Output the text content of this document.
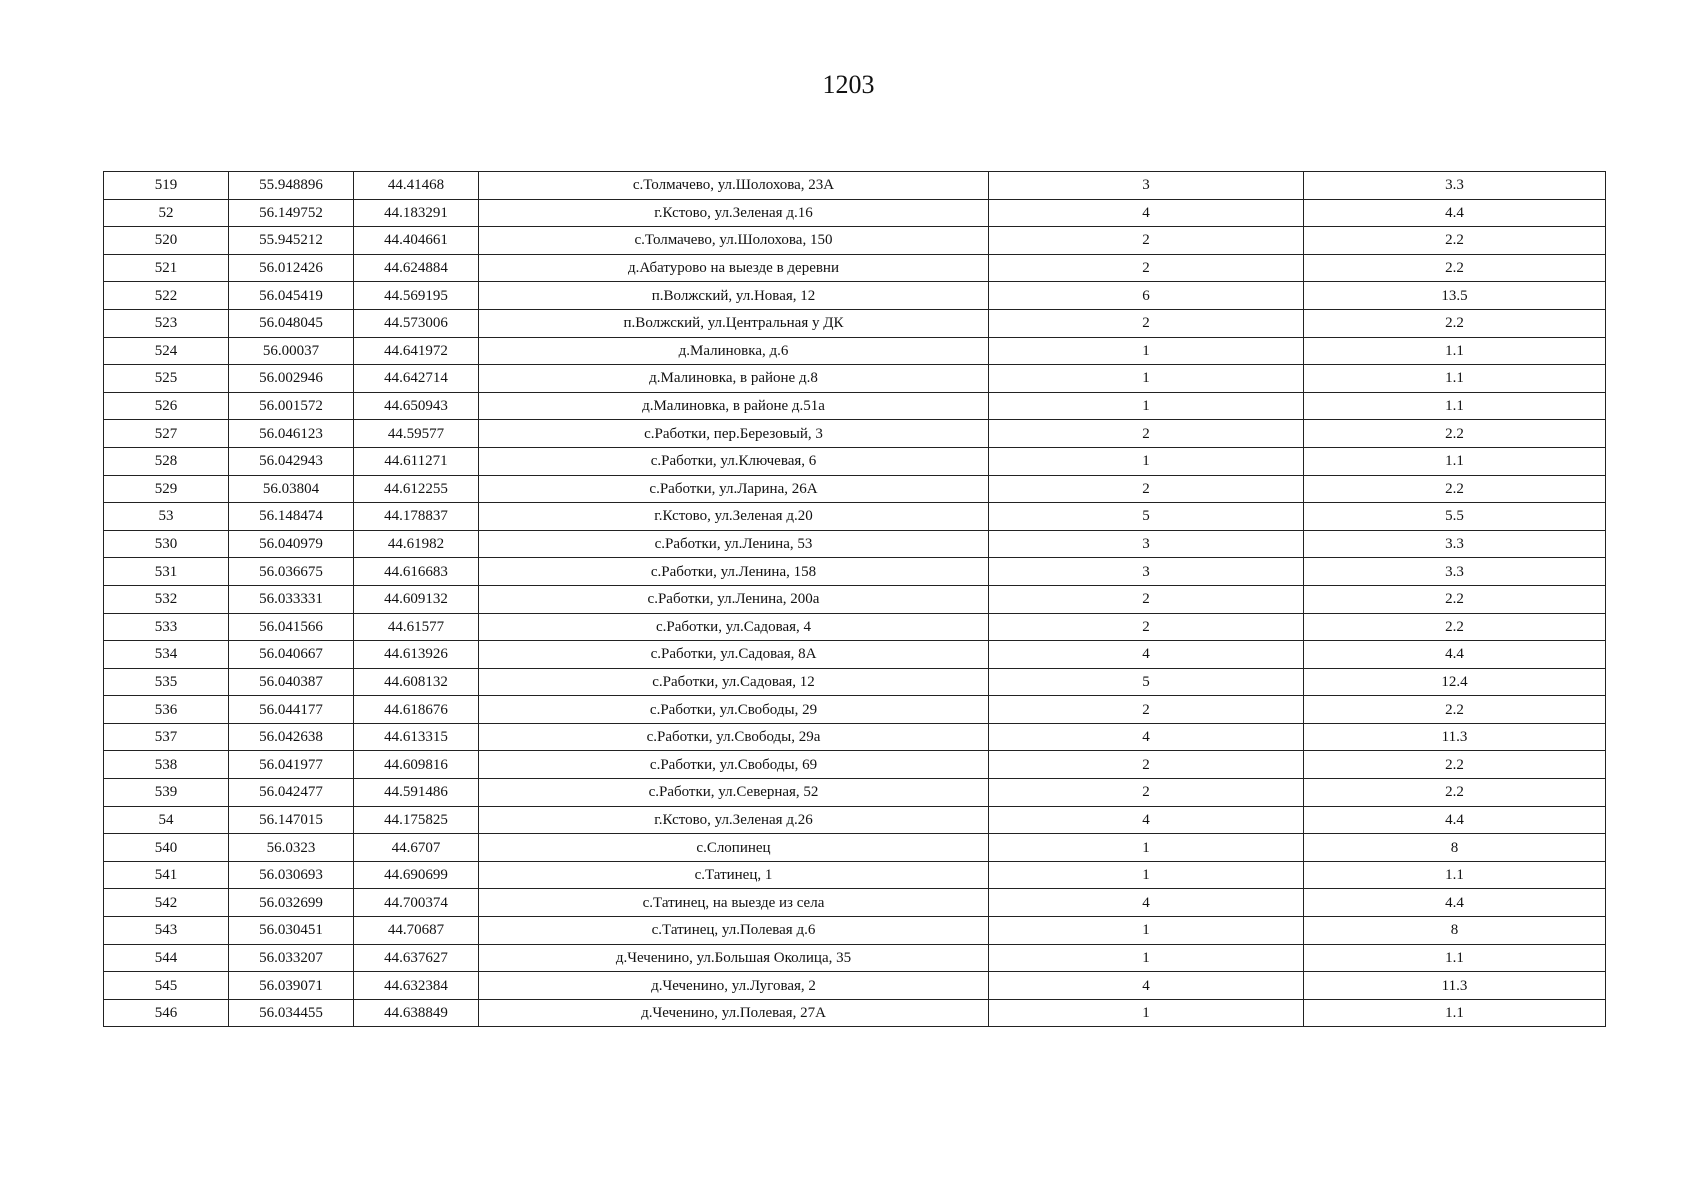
1203
519	55.948896	44.41468	с.Толмачево, ул.Шолохова, 23А	3	3.3
52	56.149752	44.183291	г.Кстово, ул.Зеленая д.16	4	4.4
520	55.945212	44.404661	с.Толмачево, ул.Шолохова, 150	2	2.2
521	56.012426	44.624884	д.Абатурово на выезде в деревни	2	2.2
522	56.045419	44.569195	п.Волжский, ул.Новая, 12	6	13.5
523	56.048045	44.573006	п.Волжский, ул.Центральная у ДК	2	2.2
524	56.00037	44.641972	д.Малиновка, д.6	1	1.1
525	56.002946	44.642714	д.Малиновка, в районе д.8	1	1.1
526	56.001572	44.650943	д.Малиновка, в районе д.51а	1	1.1
527	56.046123	44.59577	с.Работки, пер.Березовый, 3	2	2.2
528	56.042943	44.611271	с.Работки, ул.Ключевая, 6	1	1.1
529	56.03804	44.612255	с.Работки, ул.Ларина, 26А	2	2.2
53	56.148474	44.178837	г.Кстово, ул.Зеленая д.20	5	5.5
530	56.040979	44.61982	с.Работки, ул.Ленина, 53	3	3.3
531	56.036675	44.616683	с.Работки, ул.Ленина, 158	3	3.3
532	56.033331	44.609132	с.Работки, ул.Ленина, 200а	2	2.2
533	56.041566	44.61577	с.Работки, ул.Садовая, 4	2	2.2
534	56.040667	44.613926	с.Работки, ул.Садовая, 8А	4	4.4
535	56.040387	44.608132	с.Работки, ул.Садовая, 12	5	12.4
536	56.044177	44.618676	с.Работки, ул.Свободы, 29	2	2.2
537	56.042638	44.613315	с.Работки, ул.Свободы, 29а	4	11.3
538	56.041977	44.609816	с.Работки, ул.Свободы, 69	2	2.2
539	56.042477	44.591486	с.Работки, ул.Северная, 52	2	2.2
54	56.147015	44.175825	г.Кстово, ул.Зеленая д.26	4	4.4
540	56.0323	44.6707	с.Слопинец	1	8
541	56.030693	44.690699	с.Татинец, 1	1	1.1
542	56.032699	44.700374	с.Татинец, на выезде из села	4	4.4
543	56.030451	44.70687	с.Татинец, ул.Полевая д.6	1	8
544	56.033207	44.637627	д.Чеченино, ул.Большая Околица, 35	1	1.1
545	56.039071	44.632384	д.Чеченино, ул.Луговая, 2	4	11.3
546	56.034455	44.638849	д.Чеченино, ул.Полевая, 27А	1	1.1
